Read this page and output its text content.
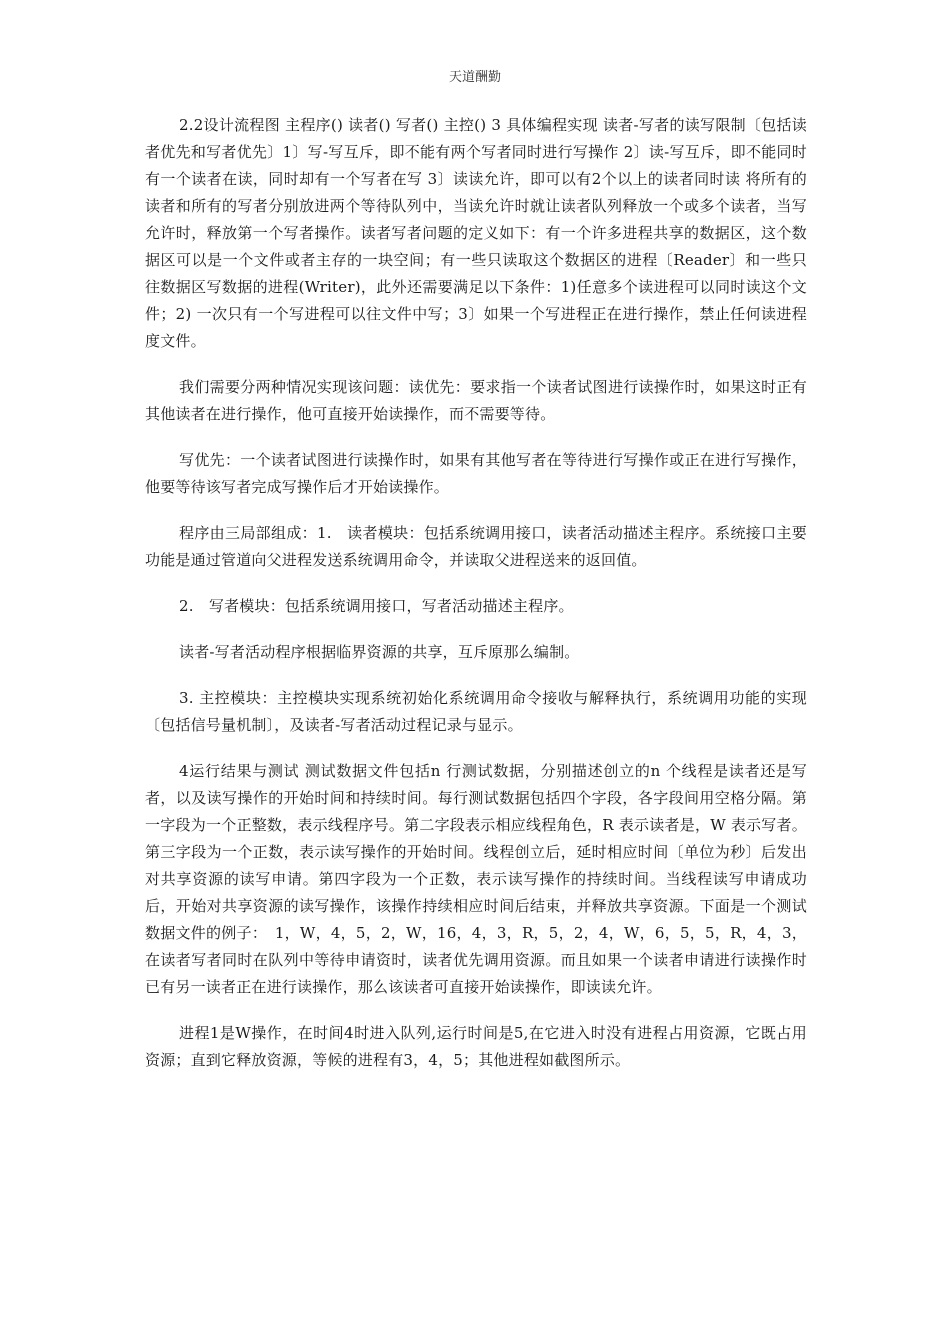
天道酬勤

2.2设计流程图 主程序() 读者() 写者() 主控() 3 具体编程实现 读者-写者的读写限制〔包括读者优先和写者优先〕1〕写-写互斥，即不能有两个写者同时进行写操作 2〕读-写互斥，即不能同时有一个读者在读，同时却有一个写者在写 3〕读读允许，即可以有2个以上的读者同时读 将所有的读者和所有的写者分别放进两个等待队列中，当读允许时就让读者队列释放一个或多个读者，当写允许时，释放第一个写者操作。读者写者问题的定义如下：有一个许多进程共享的数据区，这个数据区可以是一个文件或者主存的一块空间；有一些只读取这个数据区的进程〔Reader〕和一些只往数据区写数据的进程(Writer)，此外还需要满足以下条件：1)任意多个读进程可以同时读这个文件；2) 一次只有一个写进程可以往文件中写；3〕如果一个写进程正在进行操作，禁止任何读进程度文件。

我们需要分两种情况实现该问题：读优先：要求指一个读者试图进行读操作时，如果这时正有其他读者在进行操作，他可直接开始读操作，而不需要等待。

写优先：一个读者试图进行读操作时，如果有其他写者在等待进行写操作或正在进行写操作，他要等待该写者完成写操作后才开始读操作。

程序由三局部组成：1.　读者模块：包括系统调用接口，读者活动描述主程序。系统接口主要功能是通过管道向父进程发送系统调用命令，并读取父进程送来的返回值。

2.　写者模块：包括系统调用接口，写者活动描述主程序。

读者-写者活动程序根据临界资源的共享，互斥原那么编制。

3. 主控模块：主控模块实现系统初始化系统调用命令接收与解释执行，系统调用功能的实现〔包括信号量机制〕，及读者-写者活动过程记录与显示。

4运行结果与测试 测试数据文件包括n 行测试数据，分别描述创立的n 个线程是读者还是写者，以及读写操作的开始时间和持续时间。每行测试数据包括四个字段，各字段间用空格分隔。第一字段为一个正整数，表示线程序号。第二字段表示相应线程角色，R 表示读者是，W 表示写者。第三字段为一个正数，表示读写操作的开始时间。线程创立后，延时相应时间〔单位为秒〕后发出对共享资源的读写申请。第四字段为一个正数，表示读写操作的持续时间。当线程读写申请成功后，开始对共享资源的读写操作，该操作持续相应时间后结束，并释放共享资源。下面是一个测试数据文件的例子：　1，W，4，5，2，W，16，4，3，R，5，2，4，W，6，5，5，R，4，3，在读者写者同时在队列中等待申请资时，读者优先调用资源。而且如果一个读者申请进行读操作时已有另一读者正在进行读操作，那么该读者可直接开始读操作，即读读允许。

进程1是W操作，在时间4时进入队列,运行时间是5,在它进入时没有进程占用资源，它既占用资源；直到它释放资源，等候的进程有3，4，5；其他进程如截图所示。
